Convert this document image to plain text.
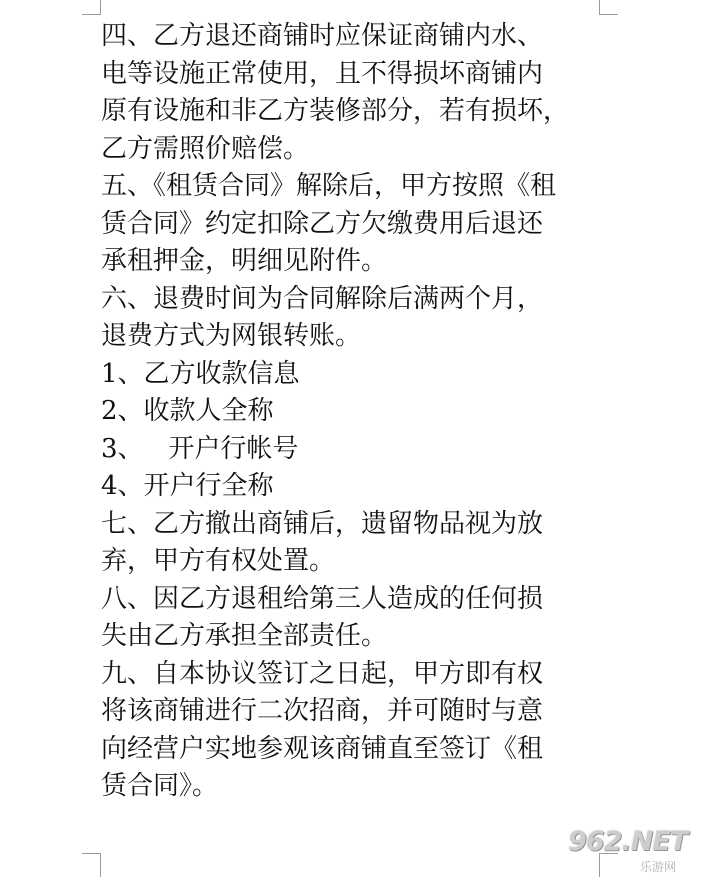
四、乙方退还商铺时应保证商铺内水、

电等设施正常使用，且不得损坏商铺内

原有设施和非乙方装修部分，若有损坏，

乙方需照价赔偿。

五、《租赁合同》解除后，甲方按照《租

赁合同》约定扣除乙方欠缴费用后退还

承租押金，明细见附件。

六、退费时间为合同解除后满两个月，

退费方式为网银转账。

1、乙方收款信息

2、收款人全称

3、   开户行帐号

4、开户行全称

七、乙方撤出商铺后，遗留物品视为放

弃，甲方有权处置。

八、因乙方退租给第三人造成的任何损

失由乙方承担全部责任。

九、自本协议签订之日起，甲方即有权

将该商铺进行二次招商，并可随时与意

向经营户实地参观该商铺直至签订《租

赁合同》。

962.NET
乐游网
